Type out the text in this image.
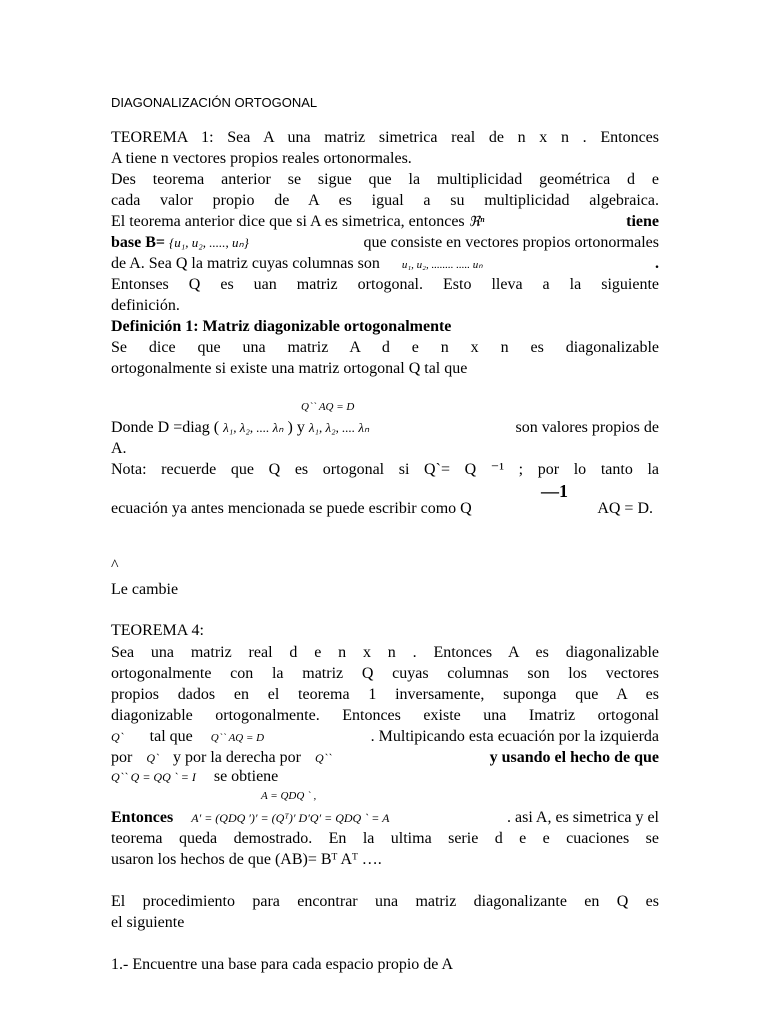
DIAGONALIZACIÓN ORTOGONAL
TEOREMA 1: Sea A una matriz simetrica real de n x n . Entonces
A tiene n vectores propios reales ortonormales.
Des teorema anterior se sigue que la multiplicidad geométrica d e
cada valor propio de A es igual a su multiplicidad algebraica.
El teorema anterior dice que si A es simetrica, entonces ℜⁿ	tiene
base B= {u₁, u₂, ....., uₙ}	que consiste en vectores propios ortonormales
de A. Sea Q la matriz cuyas columnas son u₁, u₂, ........ ..... uₙ	.
Entonses Q es uan matriz ortogonal. Esto lleva a la siguiente
definición.
Definición 1: Matriz diagonizable ortogonalmente
Se dice que una matriz A d e n x n es diagonalizable
ortogonalmente si existe una matriz ortogonal Q tal que
Q`` AQ = D
Donde D =diag ( λ₁, λ₂, .... λₙ ) y λ₁, λ₂, .... λₙ	son valores propios de
A.
Nota: recuerde que Q es ortogonal si Q`= Q ⁻¹ ; por lo tanto la
—1
ecuación ya antes mencionada se puede escribir como Q	AQ = D.
^
Le cambie
TEOREMA 4:
Sea una matriz real d e n x n . Entonces A es diagonalizable
ortogonalmente con la matriz Q cuyas columnas son los vectores
propios dados en el teorema 1 inversamente, suponga que A es
diagonizable ortogonalmente. Entonces existe una Imatriz ortogonal
Q` tal que Q`` AQ = D	. Multipicando esta ecuación por la izquierda
por Q` y por la derecha por Q``	y usando el hecho de que
Q`` Q = QQ ` = I se obtiene
A = QDQ ` ,
Entonces A′ = (QDQ ′)′ = (Qᵀ)′ D′Q′ = QDQ ` = A	. asi A, es simetrica y el
teorema queda demostrado. En la ultima serie d e e cuaciones se
usaron los hechos de que (AB)= Bᵀ Aᵀ ….
El procedimiento para encontrar una matriz diagonalizante en Q es
el siguiente
1.- Encuentre una base para cada espacio propio de A
